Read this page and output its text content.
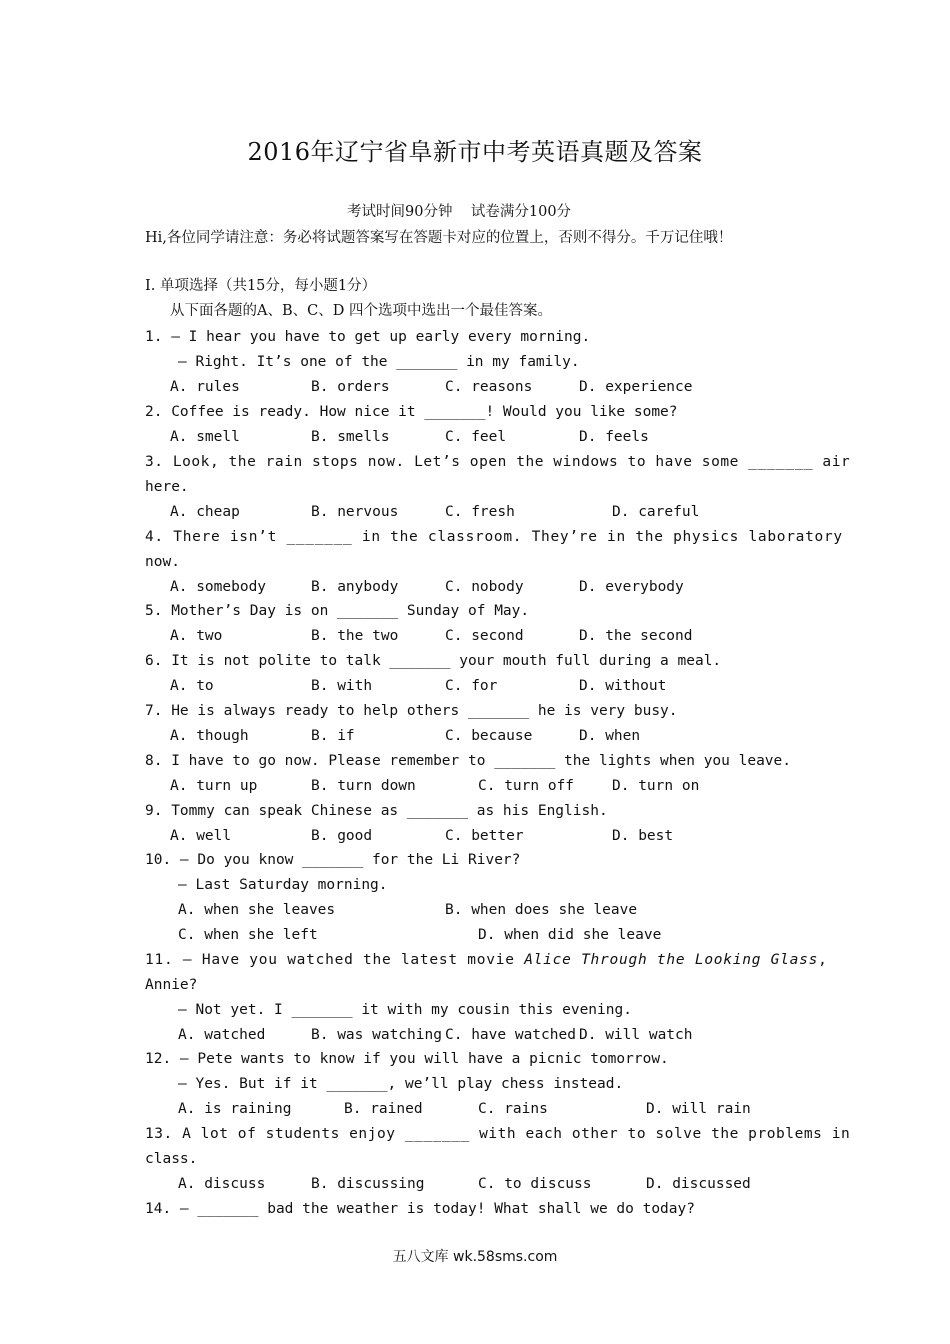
2016年辽宁省阜新市中考英语真题及答案
考试时间90分钟    试卷满分100分
Hi,各位同学请注意：务必将试题答案写在答题卡对应的位置上，否则不得分。千万记住哦！
Ⅰ. 单项选择（共15分，每小题1分）
从下面各题的A、B、C、D 四个选项中选出一个最佳答案。
1. — I hear you have to get up early every morning.
— Right. It’s one of the _______ in my family.
A. rules	B. orders	C. reasons	D. experience
2. Coffee is ready. How nice it _______! Would you like some?
A. smell	B. smells	C. feel	D. feels
3. Look, the rain stops now. Let’s open the windows to have some _______ air
here.
A. cheap	B. nervous	C. fresh	D. careful
4. There isn’t _______ in the classroom. They’re in the physics laboratory
now.
A. somebody	B. anybody	C. nobody	D. everybody
5. Mother’s Day is on _______ Sunday of May.
A. two	B. the two	C. second	D. the second
6. It is not polite to talk _______ your mouth full during a meal.
A. to	B. with	C. for	D. without
7. He is always ready to help others _______ he is very busy.
A. though	B. if	C. because	D. when
8. I have to go now. Please remember to _______ the lights when you leave.
A. turn up	B. turn down	C. turn off	D. turn on
9. Tommy can speak Chinese as _______ as his English.
A. well	B. good	C. better	D. best
10. — Do you know _______ for the Li River?
— Last Saturday morning.
A. when she leaves	B. when does she leave
C. when she left	D. when did she leave
11. — Have you watched the latest movie Alice Through the Looking Glass,
Annie?
— Not yet. I _______ it with my cousin this evening.
A. watched	B. was watching C. have watched D. will watch
12. — Pete wants to know if you will have a picnic tomorrow.
— Yes. But if it _______, we’ll play chess instead.
A. is raining	B. rained	C. rains	D. will rain
13. A lot of students enjoy _______ with each other to solve the problems in
class.
A. discuss	B. discussing	C. to discuss	D. discussed
14. — _______ bad the weather is today! What shall we do today?
五八文库 wk.58sms.com
